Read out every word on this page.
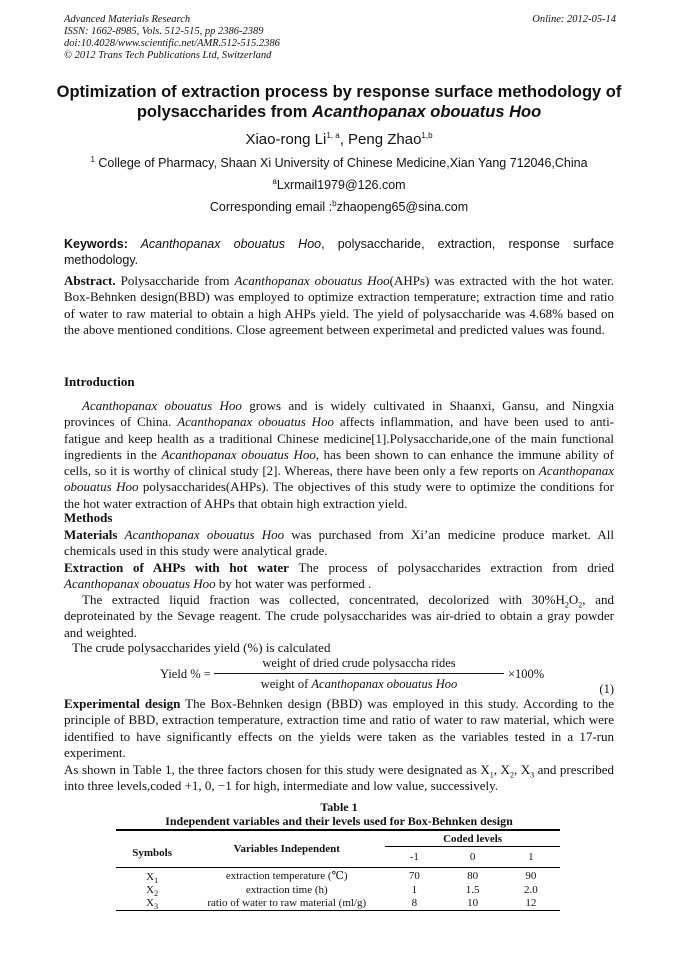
Advanced Materials Research
ISSN: 1662-8985, Vols. 512-515, pp 2386-2389
doi:10.4028/www.scientific.net/AMR.512-515.2386
© 2012 Trans Tech Publications Ltd, Switzerland
Online: 2012-05-14
Optimization of extraction process by response surface methodology of
polysaccharides from Acanthopanax obouatus Hoo
Xiao-rong Li$^{1, a}$, Peng Zhao$^{1,b}$
$^1$ College of Pharmacy, Shaan Xi University of Chinese Medicine,Xian Yang 712046,China
$^a$Lxrmail1979@126.com
Corresponding email :$^b$zhaopeng65@sina.com
Keywords: Acanthopanax obouatus Hoo, polysaccharide, extraction, response surface methodology.
Abstract. Polysaccharide from Acanthopanax obouatus Hoo(AHPs) was extracted with the hot water. Box-Behnken design(BBD) was employed to optimize extraction temperature; extraction time and ratio of water to raw material to obtain a high AHPs yield. The yield of polysaccharide was 4.68% based on the above mentioned conditions. Close agreement between experimetal and predicted values was found.
Introduction
Acanthopanax obouatus Hoo grows and is widely cultivated in Shaanxi, Gansu, and Ningxia provinces of China. Acanthopanax obouatus Hoo affects inflammation, and have been used to anti-fatigue and keep health as a traditional Chinese medicine[1].Polysaccharide,one of the main functional ingredients in the Acanthopanax obouatus Hoo, has been shown to can enhance the immune ability of cells, so it is worthy of clinical study [2]. Whereas, there have been only a few reports on Acanthopanax obouatus Hoo polysaccharides(AHPs). The objectives of this study were to optimize the conditions for the hot water extraction of AHPs that obtain high extraction yield.
Methods
Materials Acanthopanax obouatus Hoo was purchased from Xi’an medicine produce market. All chemicals used in this study were analytical grade.
Extraction of AHPs with hot water The process of polysaccharides extraction from dried Acanthopanax obouatus Hoo by hot water was performed .
The extracted liquid fraction was collected, concentrated, decolorized with $30\%H_2O_2$, and deproteinated by the Sevage reagent. The crude polysaccharides was air-dried to obtain a gray powder and weighted.
The crude polysaccharides yield (%) is calculated
Yield % =
weight of dried crude polysaccha rides
weight of Acanthopanax obouatus Hoo
×100%
(1)
Experimental design The Box-Behnken design (BBD) was employed in this study. According to the principle of BBD, extraction temperature, extraction time and ratio of water to raw material, which were identified to have significantly effects on the yields were taken as the variables tested in a 17-run experiment.
As shown in Table 1, the three factors chosen for this study were designated as $X_1$, $X_2$, $X_3$ and prescribed into three levels,coded +1, 0, −1 for high, intermediate and low value, successively.
Table 1
Independent variables and their levels used for Box-Behnken design
Symbols	Variables Independent	Coded levels		
		-1	0	1
$X_1$	extraction temperature (℃)	70	80	90
$X_2$	extraction time (h)	1	1.5	2.0
$X_3$	ratio of water to raw material (ml/g)	8	10	12
